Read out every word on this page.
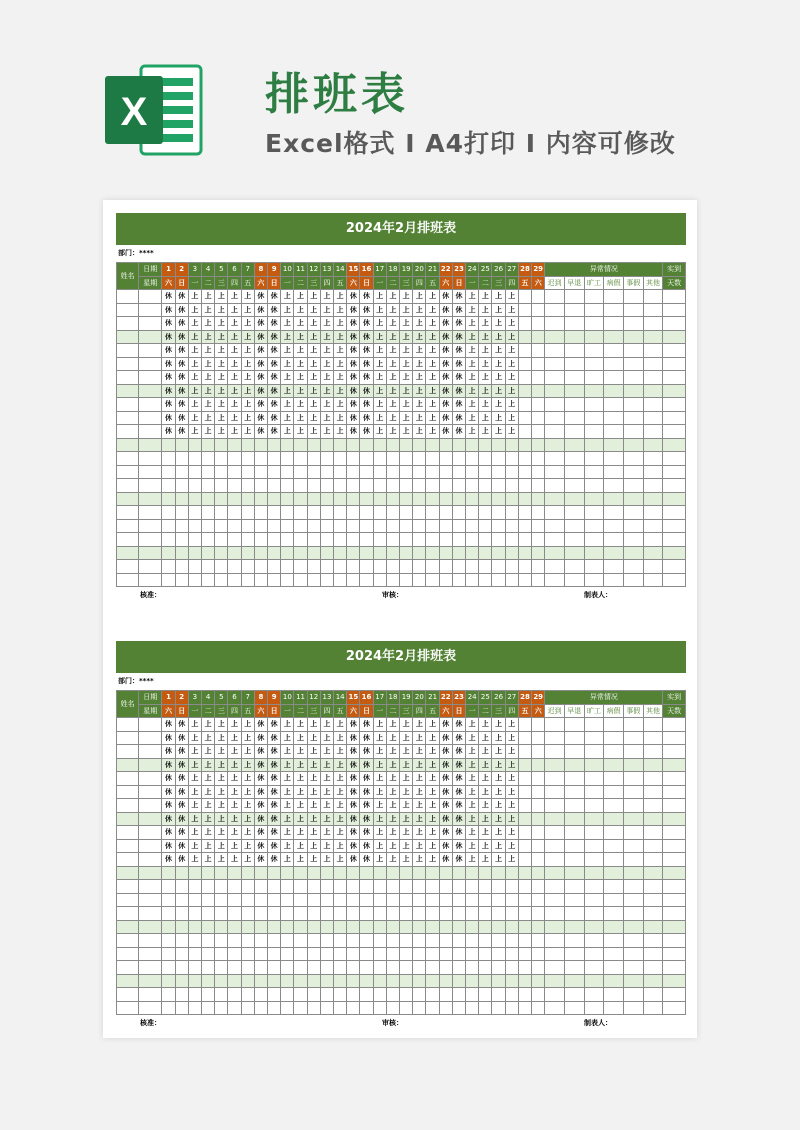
X	排班表
Excel格式 I A4打印 I 内容可修改
2024年2月排班表
部门：****
姓名	日期	1	2	3	4	5	6	7	8	9	10	11	12	13	14	15	16	17	18	19	20	21	22	23	24	25	26	27	28	29	异常情况						实到
	星期	六	日	一	二	三	四	五	六	日	一	二	三	四	五	六	日	一	二	三	四	五	六	日	一	二	三	四	五	六	迟到	早退	旷工	病假	事假	其他	天数
		休	休	上	上	上	上	上	休	休	上	上	上	上	上	休	休	上	上	上	上	上	休	休	上	上	上	上									
		休	休	上	上	上	上	上	休	休	上	上	上	上	上	休	休	上	上	上	上	上	休	休	上	上	上	上									
		休	休	上	上	上	上	上	休	休	上	上	上	上	上	休	休	上	上	上	上	上	休	休	上	上	上	上									
		休	休	上	上	上	上	上	休	休	上	上	上	上	上	休	休	上	上	上	上	上	休	休	上	上	上	上									
		休	休	上	上	上	上	上	休	休	上	上	上	上	上	休	休	上	上	上	上	上	休	休	上	上	上	上									
		休	休	上	上	上	上	上	休	休	上	上	上	上	上	休	休	上	上	上	上	上	休	休	上	上	上	上									
		休	休	上	上	上	上	上	休	休	上	上	上	上	上	休	休	上	上	上	上	上	休	休	上	上	上	上									
		休	休	上	上	上	上	上	休	休	上	上	上	上	上	休	休	上	上	上	上	上	休	休	上	上	上	上									
		休	休	上	上	上	上	上	休	休	上	上	上	上	上	休	休	上	上	上	上	上	休	休	上	上	上	上									
		休	休	上	上	上	上	上	休	休	上	上	上	上	上	休	休	上	上	上	上	上	休	休	上	上	上	上									
		休	休	上	上	上	上	上	休	休	上	上	上	上	上	休	休	上	上	上	上	上	休	休	上	上	上	上									

核准：	审核：	制表人：
2024年2月排班表
部门：****
姓名	日期	1	2	3	4	5	6	7	8	9	10	11	12	13	14	15	16	17	18	19	20	21	22	23	24	25	26	27	28	29	异常情况						实到
	星期	六	日	一	二	三	四	五	六	日	一	二	三	四	五	六	日	一	二	三	四	五	六	日	一	二	三	四	五	六	迟到	早退	旷工	病假	事假	其他	天数
		休	休	上	上	上	上	上	休	休	上	上	上	上	上	休	休	上	上	上	上	上	休	休	上	上	上	上									
		休	休	上	上	上	上	上	休	休	上	上	上	上	上	休	休	上	上	上	上	上	休	休	上	上	上	上									
		休	休	上	上	上	上	上	休	休	上	上	上	上	上	休	休	上	上	上	上	上	休	休	上	上	上	上									
		休	休	上	上	上	上	上	休	休	上	上	上	上	上	休	休	上	上	上	上	上	休	休	上	上	上	上									
		休	休	上	上	上	上	上	休	休	上	上	上	上	上	休	休	上	上	上	上	上	休	休	上	上	上	上									
		休	休	上	上	上	上	上	休	休	上	上	上	上	上	休	休	上	上	上	上	上	休	休	上	上	上	上									
		休	休	上	上	上	上	上	休	休	上	上	上	上	上	休	休	上	上	上	上	上	休	休	上	上	上	上									
		休	休	上	上	上	上	上	休	休	上	上	上	上	上	休	休	上	上	上	上	上	休	休	上	上	上	上									
		休	休	上	上	上	上	上	休	休	上	上	上	上	上	休	休	上	上	上	上	上	休	休	上	上	上	上									
		休	休	上	上	上	上	上	休	休	上	上	上	上	上	休	休	上	上	上	上	上	休	休	上	上	上	上									
		休	休	上	上	上	上	上	休	休	上	上	上	上	上	休	休	上	上	上	上	上	休	休	上	上	上	上									

核准：	审核：	制表人：
